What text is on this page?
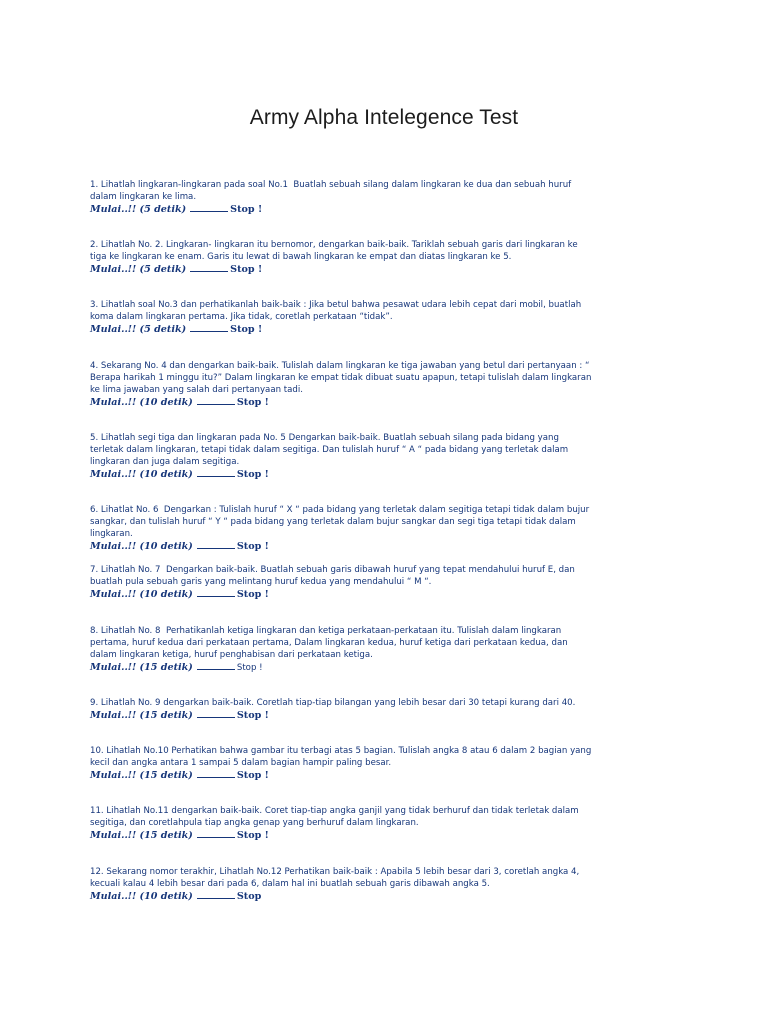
Army Alpha Intelegence Test

1. Lihatlah lingkaran-lingkaran pada soal No.1  Buatlah sebuah silang dalam lingkaran ke dua dan sebuah huruf

dalam lingkaran ke lima.

Mulai..!! (5 detik)	Stop !

2. Lihatlah No. 2. Lingkaran- lingkaran itu bernomor, dengarkan baik-baik. Tariklah sebuah garis dari lingkaran ke

tiga ke lingkaran ke enam. Garis itu lewat di bawah lingkaran ke empat dan diatas lingkaran ke 5.

Mulai..!! (5 detik)	Stop !

3. Lihatlah soal No.3 dan perhatikanlah baik-baik : Jika betul bahwa pesawat udara lebih cepat dari mobil, buatlah

koma dalam lingkaran pertama. Jika tidak, coretlah perkataan “tidak”.

Mulai..!! (5 detik)	Stop !

4. Sekarang No. 4 dan dengarkan baik-baik. Tulislah dalam lingkaran ke tiga jawaban yang betul dari pertanyaan : “

Berapa harikah 1 minggu itu?” Dalam lingkaran ke empat tidak dibuat suatu apapun, tetapi tulislah dalam lingkaran

ke lima jawaban yang salah dari pertanyaan tadi.

Mulai..!! (10 detik)	Stop !

5. Lihatlah segi tiga dan lingkaran pada No. 5 Dengarkan baik-baik. Buatlah sebuah silang pada bidang yang

terletak dalam lingkaran, tetapi tidak dalam segitiga. Dan tulislah huruf “ A “ pada bidang yang terletak dalam

lingkaran dan juga dalam segitiga.

Mulai..!! (10 detik)	Stop !

6. Lihatlat No. 6  Dengarkan : Tulislah huruf “ X “ pada bidang yang terletak dalam segitiga tetapi tidak dalam bujur

sangkar, dan tulislah huruf “ Y “ pada bidang yang terletak dalam bujur sangkar dan segi tiga tetapi tidak dalam

lingkaran.

Mulai..!! (10 detik)	Stop !

7. Lihatlah No. 7  Dengarkan baik-baik. Buatlah sebuah garis dibawah huruf yang tepat mendahului huruf E, dan

buatlah pula sebuah garis yang melintang huruf kedua yang mendahului “ M “.

Mulai..!! (10 detik)	Stop !

8. Lihatlah No. 8  Perhatikanlah ketiga lingkaran dan ketiga perkataan-perkataan itu. Tulislah dalam lingkaran

pertama, huruf kedua dari perkataan pertama, Dalam lingkaran kedua, huruf ketiga dari perkataan kedua, dan

dalam lingkaran ketiga, huruf penghabisan dari perkataan ketiga.

Mulai..!! (15 detik)	Stop !

9. Lihatlah No. 9 dengarkan baik-baik. Coretlah tiap-tiap bilangan yang lebih besar dari 30 tetapi kurang dari 40.

Mulai..!! (15 detik)	Stop !

10. Lihatlah No.10 Perhatikan bahwa gambar itu terbagi atas 5 bagian. Tulislah angka 8 atau 6 dalam 2 bagian yang

kecil dan angka antara 1 sampai 5 dalam bagian hampir paling besar.

Mulai..!! (15 detik)	Stop !

11. Lihatlah No.11 dengarkan baik-baik. Coret tiap-tiap angka ganjil yang tidak berhuruf dan tidak terletak dalam

segitiga, dan coretlahpula tiap angka genap yang berhuruf dalam lingkaran.

Mulai..!! (15 detik)	Stop !

12. Sekarang nomor terakhir, Lihatlah No.12 Perhatikan baik-baik : Apabila 5 lebih besar dari 3, coretlah angka 4,

kecuali kalau 4 lebih besar dari pada 6, dalam hal ini buatlah sebuah garis dibawah angka 5.

Mulai..!! (10 detik)	Stop
